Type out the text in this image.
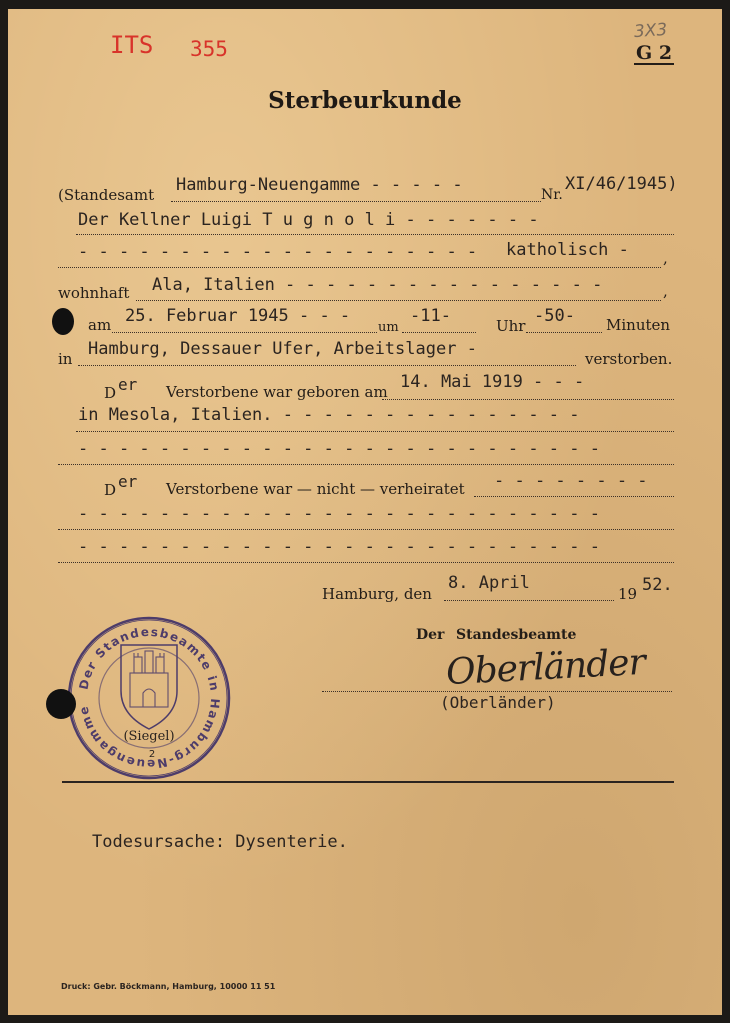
ITS 355
3X3
G 2
Sterbeurkunde
(Standesamt Hamburg-Neuengamme - - - - -	Nr.
XI/46/1945)
Der Kellner Luigi T u g n o l i - - - - - - -
- - - - - - - - - - - - - - - - - - - - katholisch - ,
wohnhaft Ala, Italien - - - - - - - - - - - - - - - -	,
am 25. Februar 1945 - - -
um
-11-	Uhr -50- Minuten
in Hamburg, Dessauer Ufer, Arbeitslager -	verstorben.
D er Verstorbene war geboren am 14. Mai 1919 - - -
in Mesola, Italien. - - - - - - - - - - - - - - -
- - - - - - - - - - - - - - - - - - - - - - - - - -
D er Verstorbene war — nicht — verheiratet - - - - - - - -
- - - - - - - - - - - - - - - - - - - - - - - - - -
- - - - - - - - - - - - - - - - - - - - - - - - - -
Hamburg, den
8. April
19 52.
Der Standesbeamte
Oberländer
(Oberländer)
Der Standesbeamte in Hamburg-Neuengamme
(Siegel)
2
Todesursache: Dysenterie.
Druck: Gebr. Böckmann, Hamburg, 10000 11 51
